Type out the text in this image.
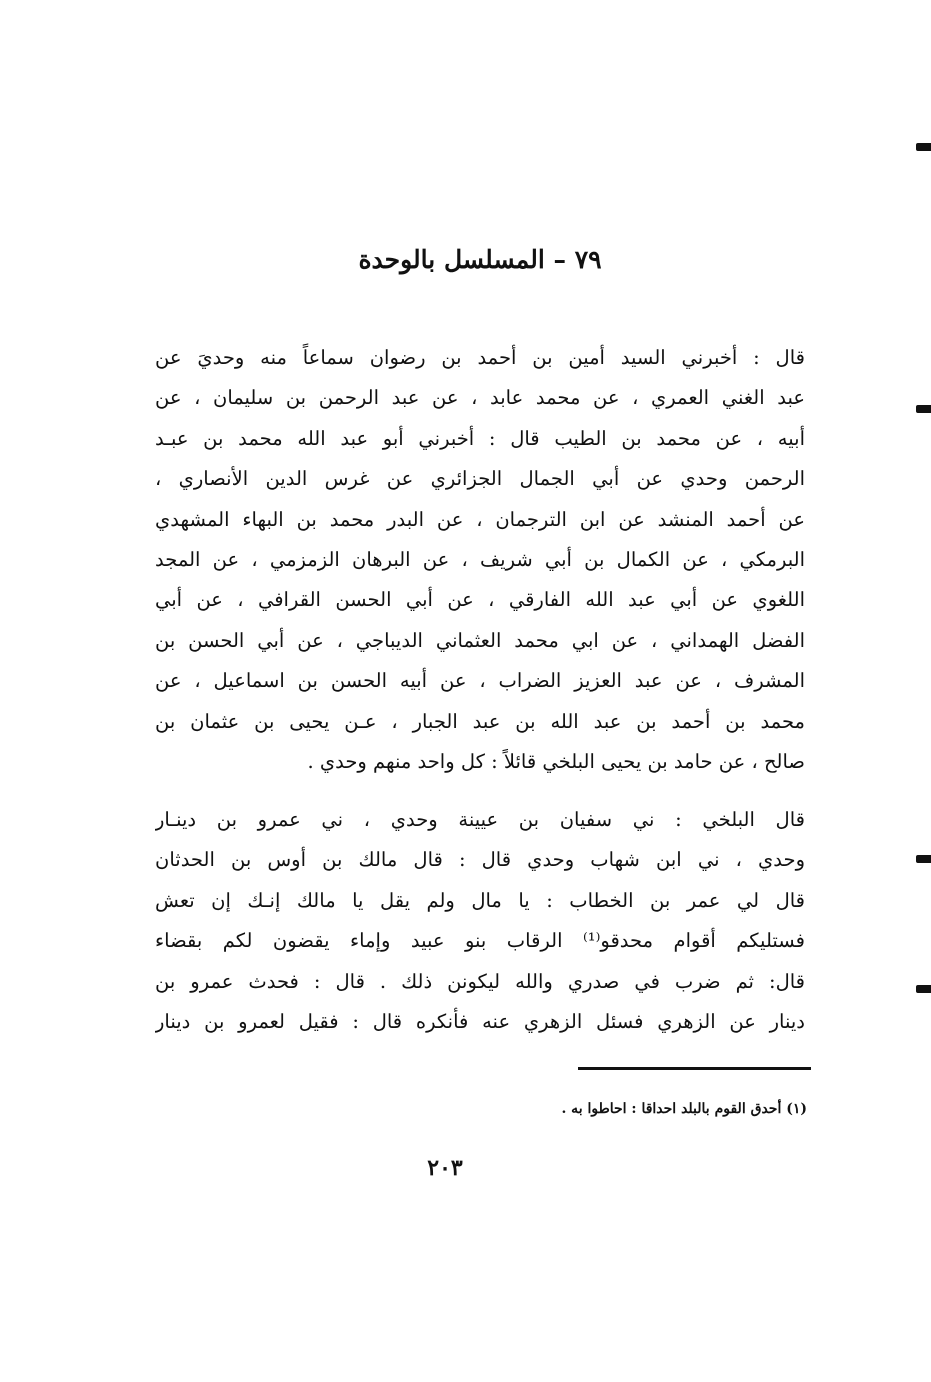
٧٩ – المسلسل بالوحدة
قال : أخبرني السيد أمين بن أحمد بن رضوان سماعاً منه وحديَ عن
عبد الغني العمري ، عن محمد عابد ، عن عبد الرحمن بن سليمان ، عن
أبيه ، عن محمد بن الطيب قال : أخبرني أبو عبد الله محمد بن عبـد
الرحمن وحدي عن أبي الجمال الجزائري عن غرس الدين الأنصاري ،
عن أحمد المنشد عن ابن الترجمان ، عن البدر محمد بن البهاء المشهدي
البرمكي ، عن الكمال بن أبي شريف ، عن البرهان الزمزمي ، عن المجد
اللغوي عن أبي عبد الله الفارقي ، عن أبي الحسن القرافي ، عن أبي
الفضل الهمداني ، عن ابي محمد العثماني الديباجي ، عن أبي الحسن بن
المشرف ، عن عبد العزيز الضراب ، عن أبيه الحسن بن اسماعيل ، عن
محمد بن أحمد بن عبد الله بن عبد الجبار ، عـن يحيى بن عثمان بن
صالح ، عن حامد بن يحيى البلخي قائلاً : كل واحد منهم وحدي .
قال البلخي : ني سفيان بن عيينة وحدي ، ني عمرو بن دينـار
وحدي ، ني ابن شهاب وحدي قال : قال مالك بن أوس بن الحدثان
قال لي عمر بن الخطاب : يا مال ولم يقل يا مالك إنـك إن تعش
فستليكم أقوام محدقو⁽¹⁾ الرقاب بنو عبيد وإماء يقضون لكم بقضاء
قال: ثم ضرب في صدري والله ليكونن ذلك . قال : فحدث عمرو بن
دينار عن الزهري فسئل الزهري عنه فأنكره قال : فقيل لعمرو بن دينار
(١) أحدق القوم بالبلد احداقا : احاطوا به .
٢٠٣
